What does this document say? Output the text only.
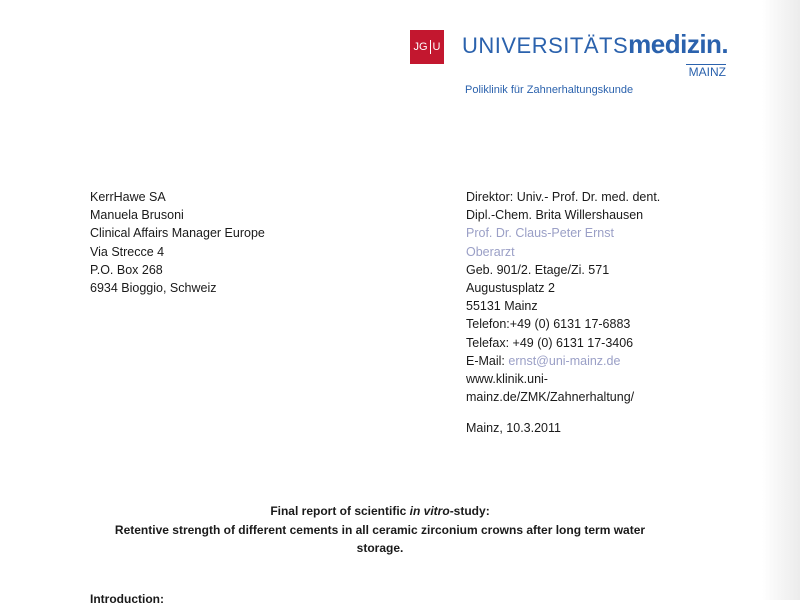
JG U UNIVERSITÄTSmedizin.
MAINZ
Poliklinik für Zahnerhaltungskunde
KerrHawe SA
Manuela Brusoni
Clinical Affairs Manager Europe
Via Strecce 4
P.O. Box 268
6934 Bioggio, Schweiz
Direktor: Univ.- Prof. Dr. med. dent.
Dipl.-Chem. Brita Willershausen
Prof. Dr. Claus-Peter Ernst
Oberarzt
Geb. 901/2. Etage/Zi. 571
Augustusplatz 2
55131 Mainz
Telefon:+49 (0) 6131 17-6883
Telefax: +49 (0) 6131 17-3406
E-Mail: ernst@uni-mainz.de
www.klinik.uni-
mainz.de/ZMK/Zahnerhaltung/
Mainz, 10.3.2011
Final report of scientific in vitro-study:
Retentive strength of different cements in all ceramic zirconium crowns after long term water
storage.
Introduction:
